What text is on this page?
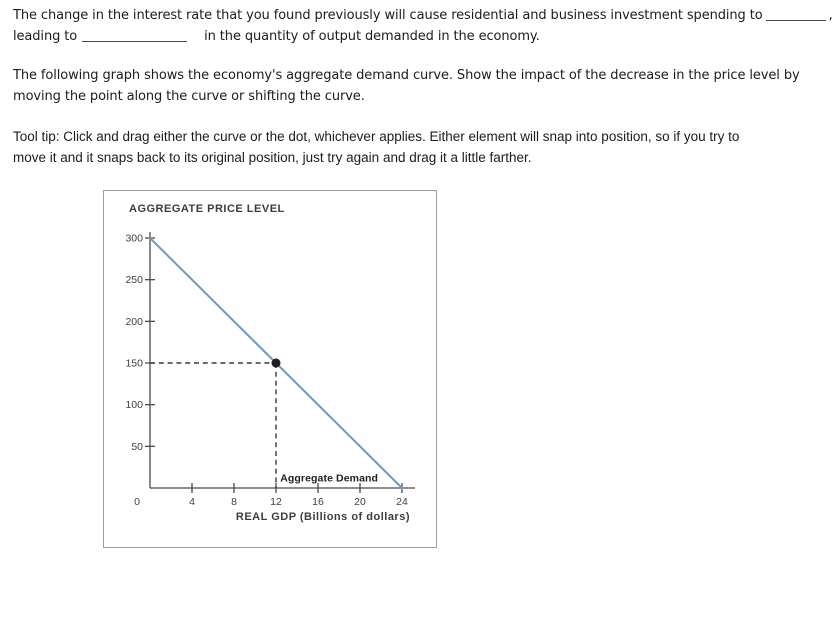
The change in the interest rate that you found previously will cause residential and business investment spending to	,
leading to	in the quantity of output demanded in the economy.
The following graph shows the economy's aggregate demand curve. Show the impact of the decrease in the price level by
moving the point along the curve or shifting the curve.
Tool tip: Click and drag either the curve or the dot, whichever applies. Either element will snap into position, so if you try to
move it and it snaps back to its original position, just try again and drag it a little farther.
AGGREGATE PRICE LEVEL
50
100
150
200
250
300
0	4	8	12	16	20	24
REAL GDP (Billions of dollars)
Aggregate Demand
